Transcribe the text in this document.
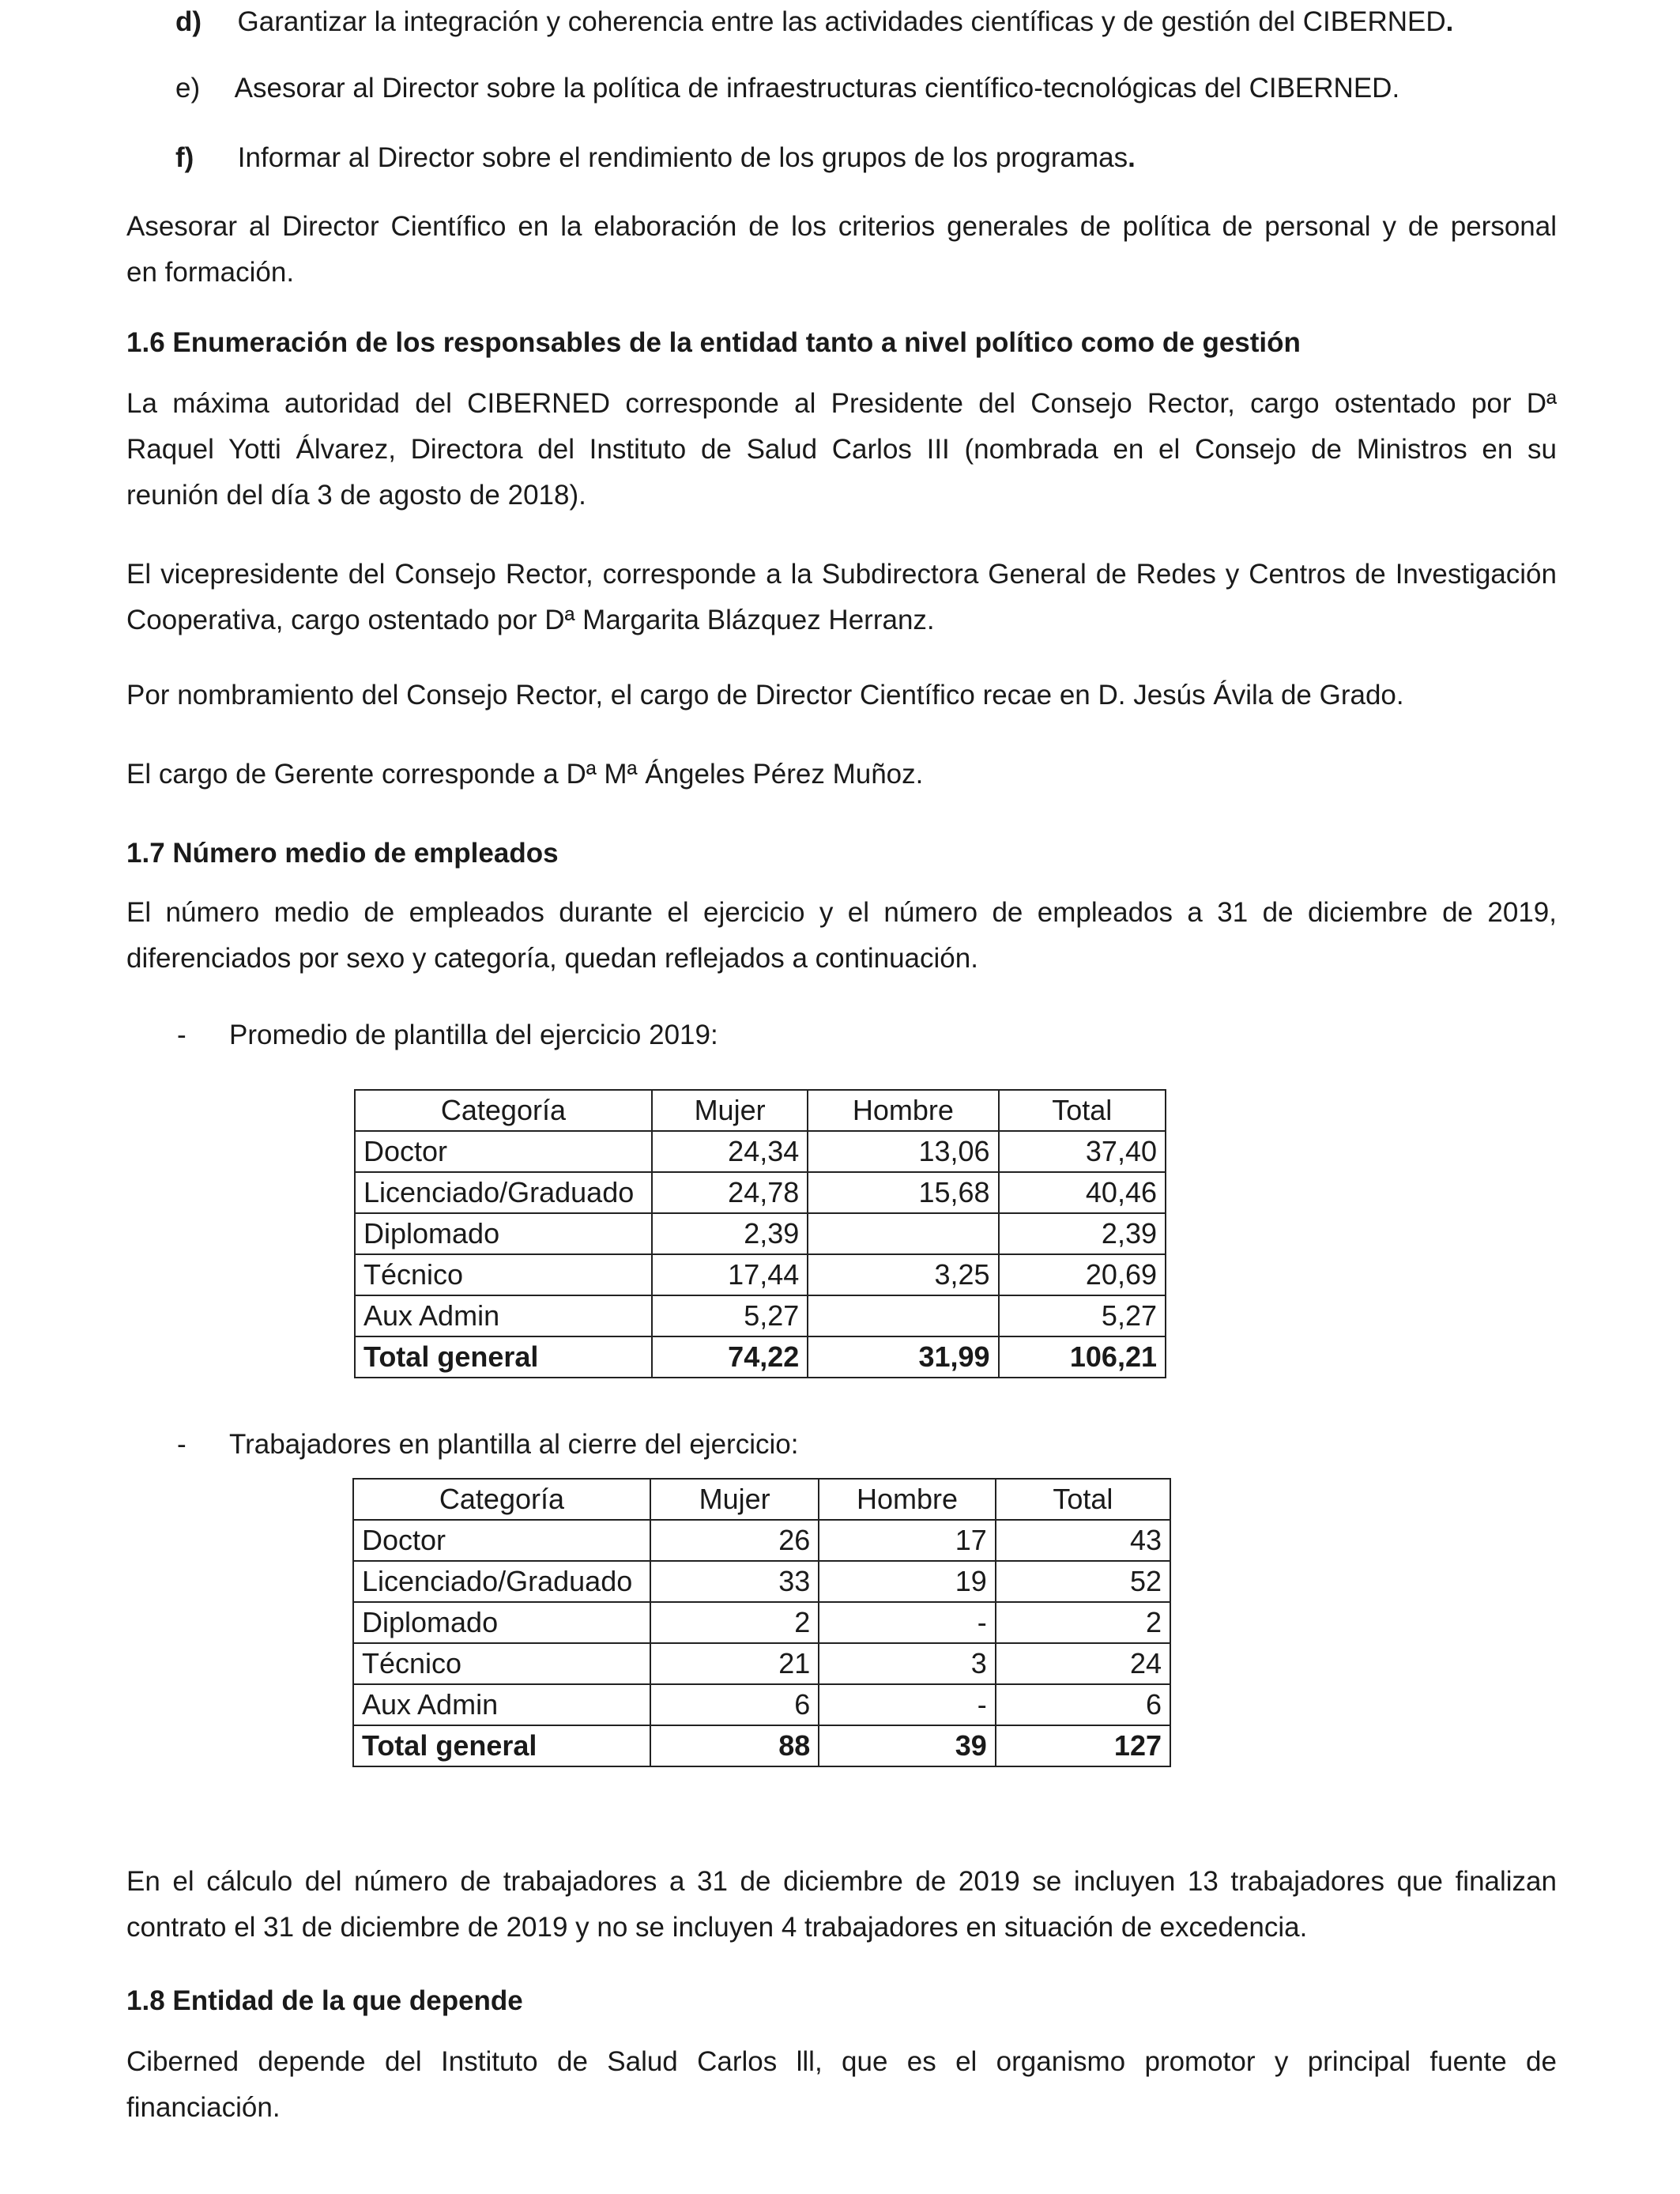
d) Garantizar la integración y coherencia entre las actividades científicas y de gestión del CIBERNED.
e) Asesorar al Director sobre la política de infraestructuras científico-tecnológicas del CIBERNED.
f) Informar al Director sobre el rendimiento de los grupos de los programas.
Asesorar al Director Científico en la elaboración de los criterios generales de política de personal y de personal
en formación.
1.6 Enumeración de los responsables de la entidad tanto a nivel político como de gestión
La máxima autoridad del CIBERNED corresponde al Presidente del Consejo Rector, cargo ostentado por Dª
Raquel Yotti Álvarez, Directora del Instituto de Salud Carlos III (nombrada en el Consejo de Ministros en su
reunión del día 3 de agosto de 2018).
El vicepresidente del Consejo Rector, corresponde a la Subdirectora General de Redes y Centros de Investigación
Cooperativa, cargo ostentado por Dª Margarita Blázquez Herranz.
Por nombramiento del Consejo Rector, el cargo de Director Científico recae en D. Jesús Ávila de Grado.
El cargo de Gerente corresponde a Dª Mª Ángeles Pérez Muñoz.
1.7 Número medio de empleados
El número medio de empleados durante el ejercicio y el número de empleados a 31 de diciembre de 2019,
diferenciados por sexo y categoría, quedan reflejados a continuación.
- Promedio de plantilla del ejercicio 2019:
Categoría	Mujer	Hombre	Total
Doctor	24,34	13,06	37,40
Licenciado/Graduado	24,78	15,68	40,46
Diplomado	2,39		2,39
Técnico	17,44	3,25	20,69
Aux Admin	5,27		5,27
Total general	74,22	31,99	106,21
- Trabajadores en plantilla al cierre del ejercicio:
Categoría	Mujer	Hombre	Total
Doctor	26	17	43
Licenciado/Graduado	33	19	52
Diplomado	2	-	2
Técnico	21	3	24
Aux Admin	6	-	6
Total general	88	39	127
En el cálculo del número de trabajadores a 31 de diciembre de 2019 se incluyen 13 trabajadores que finalizan
contrato el 31 de diciembre de 2019 y no se incluyen 4 trabajadores en situación de excedencia.
1.8 Entidad de la que depende
Ciberned depende del Instituto de Salud Carlos lll, que es el organismo promotor y principal fuente de
financiación.
